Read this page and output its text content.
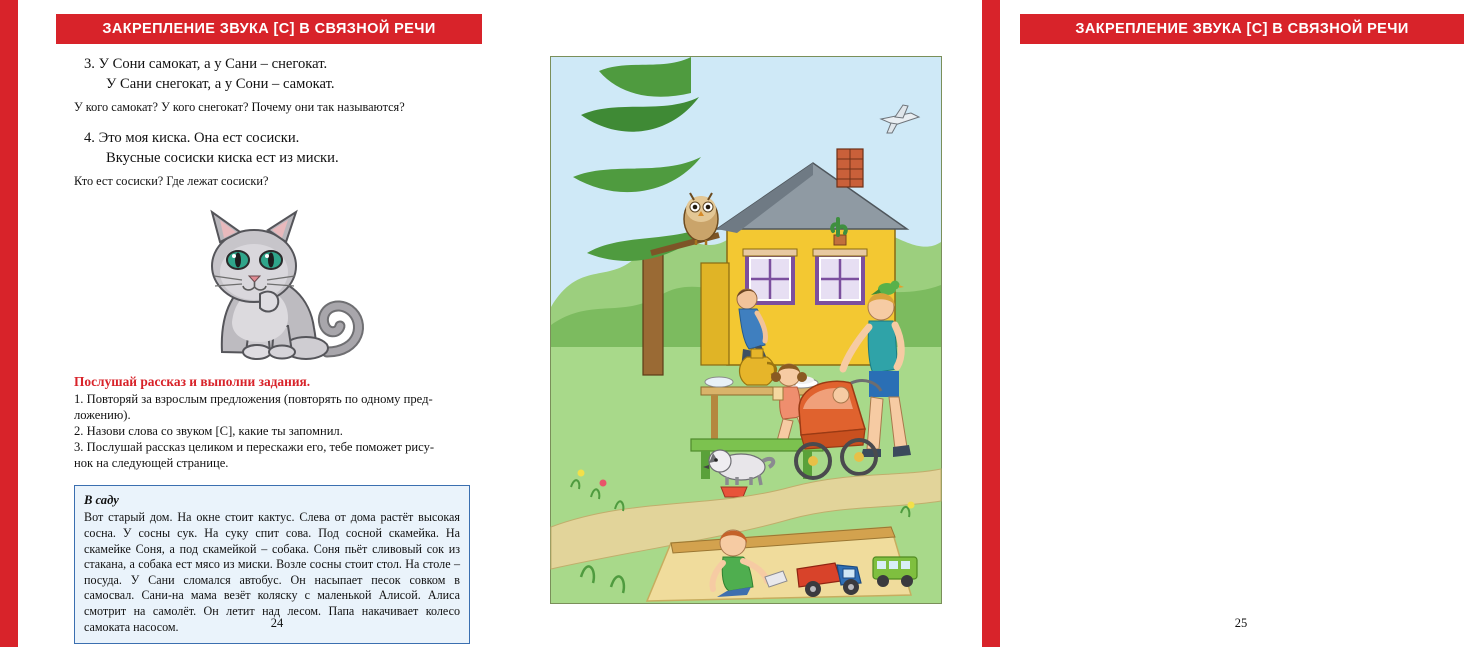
ЗАКРЕПЛЕНИЕ ЗВУКА [С] В СВЯЗНОЙ РЕЧИ
3. У Сони самокат, а у Сани – снегокат.
У Сани снегокат, а у Сони – самокат.
У кого самокат? У кого снегокат? Почему они так называются?
4. Это моя киска. Она ест сосиски.
Вкусные сосиски киска ест из миски.
Кто ест сосиски? Где лежат сосиски?
Послушай рассказ и выполни задания.
1. Повторяй за взрослым предложения (повторять по одному пред-
ложению).
2. Назови слова со звуком [С], какие ты запомнил.
3. Послушай рассказ целиком и перескажи его, тебе поможет рису-
нок на следующей странице.
В саду
Вот старый дом. На окне стоит кактус. Слева от дома растёт высокая сосна. У сосны сук. На суку спит сова. Под сосной скамейка. На скамейке Соня, а под скамейкой – собака. Соня пьёт сливовый сок из стакана, а собака ест мясо из миски. Возле сосны стоит стол. На столе – посуда. У Сани сломался автобус. Он насыпает песок совком в самосвал. Сани-на мама везёт коляску с маленькой Алисой. Алиса смотрит на самолёт. Он летит над лесом. Папа накачивает колесо самоката насосом.	24
ЗАКРЕПЛЕНИЕ ЗВУКА [С] В СВЯЗНОЙ РЕЧИ
25
